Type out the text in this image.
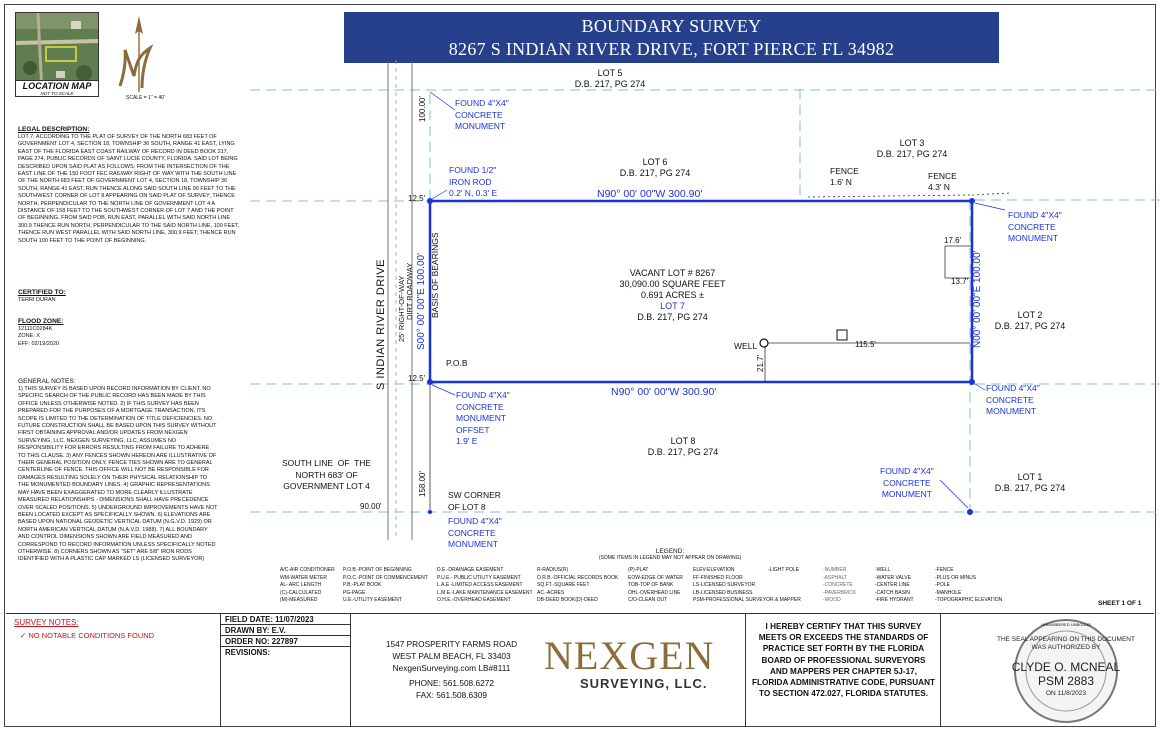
LOCATION MAP
NOT TO SCALE
SCALE = 1" = 40'
BOUNDARY SURVEY
8267 S INDIAN RIVER DRIVE, FORT PIERCE FL 34982
LEGAL DESCRIPTION:
LOT 7, ACCORDING TO THE PLAT OF SURVEY OF THE NORTH 683 FEET OF GOVERNMENT LOT 4, SECTION 18, TOWNSHIP 36 SOUTH, RANGE 41 EAST, LYING EAST OF THE FLORIDA EAST COAST RAILWAY OF RECORD IN DEED BOOK 217, PAGE 274, PUBLIC RECORDS OF SAINT LUCIE COUNTY, FLORIDA. SAID LOT BEING DESCRIBED UPON SAID PLAT AS FOLLOWS: FROM THE INTERSECTION OF THE EAST LINE OF THE 150 FOOT FEC RAILWAY RIGHT OF WAY WITH THE SOUTH LINE OF THE NORTH 683 FEET OF GOVERNMENT LOT 4, SECTION 18, TOWNSHIP 36 SOUTH, RANGE 41 EAST, RUN THENCE ALONG SAID SOUTH LINE 90 FEET TO THE SOUTHWEST CORNER OF LOT 8 APPEARING ON SAID PLAT OF SURVEY; THENCE NORTH, PERPENDICULAR TO THE NORTH LINE OF GOVERNMENT LOT 4 A DISTANCE OF 158 FEET TO THE SOUTHWEST CORNER OF LOT 7 AND THE POINT OF BEGINNING. FROM SAID POB, RUN EAST, PARALLEL WITH SAID NORTH LINE 300.9 THENCE RUN NORTH, PERPENDICULAR TO THE SAID NORTH LINE, 100 FEET, THENCE RUN WEST PARALLEL WITH SAID NORTH LINE, 300.9 FEET; THENCE RUN SOUTH 100 FEET TO THE POINT OF BEGINNING.
CERTIFIED TO:
TERRI DURAN
FLOOD ZONE:
12111C0284K
ZONE: X
EFF: 02/19/2020
GENERAL NOTES:
1) THIS SURVEY IS BASED UPON RECORD INFORMATION BY CLIENT. NO SPECIFIC SEARCH OF THE PUBLIC RECORD HAS BEEN MADE BY THIS OFFICE UNLESS OTHERWISE NOTED. 2) IF THIS SURVEY HAS BEEN PREPARED FOR THE PURPOSES OF A MORTGAGE TRANSACTION, ITS SCOPE IS LIMITED TO THE DETERMINATION OF TITLE DEFICIENCIES. NO FUTURE CONSTRUCTION SHALL BE BASED UPON THIS SURVEY WITHOUT FIRST OBTAINING APPROVAL AND/OR UPDATES FROM NEXGEN SURVEYING, LLC. NEXGEN SURVEYING, LLC, ASSUMES NO RESPONSIBILITY FOR ERRORS RESULTING FROM FAILURE TO ADHERE TO THIS CLAUSE. 3) ANY FENCES SHOWN HEREON ARE ILLUSTRATIVE OF THEIR GENERAL POSITION ONLY. FENCE TIES SHOWN ARE TO GENERAL CENTERLINE OF FENCE. THIS OFFICE WILL NOT BE RESPONSIBLE FOR DAMAGES RESULTING SOLELY ON THEIR PHYSICAL RELATIONSHIP TO THE MONUMENTED BOUNDARY LINES. 4) GRAPHIC REPRESENTATIONS MAY HAVE BEEN EXAGGERATED TO MORE CLEARLY ILLUSTRATE MEASURED RELATIONSHIPS - DIMENSIONS SHALL HAVE PRECEDENCE OVER SCALED POSITIONS. 5) UNDERGROUND IMPROVEMENTS HAVE NOT BEEN LOCATED EXCEPT AS SPECIFICALLY SHOWN. 6) ELEVATIONS ARE BASED UPON NATIONAL GEODETIC VERTICAL DATUM (N.G.V.D. 1929) OR NORTH AMERICAN VERTICAL DATUM (N.A.V.D. 1988). 7) ALL BOUNDARY AND CONTROL DIMENSIONS SHOWN ARE FIELD MEASURED AND CORRESPOND TO RECORD INFORMATION UNLESS SPECIFICALLY NOTED OTHERWISE. 8) CORNERS SHOWN AS "SET" ARE 5/8" IRON RODS IDENTIFIED WITH A PLASTIC CAP MARKED LS (LICENSED SURVEYOR)
S INDIAN RIVER DRIVE 25' RIGHT-OF-WAY DIRT ROADWAY BASIS OF BEARINGS
S00° 00' 00"E 100.00'	N00° 00' 00"E 100.00'
N90° 00' 00"W 300.90'
N90° 00' 00"W 300.90'
LOT 5
D.B. 217, PG 274
LOT 6
D.B. 217, PG 274
LOT 3
D.B. 217, PG 274
LOT 2
D.B. 217, PG 274
LOT 8
D.B. 217, PG 274
LOT 1
D.B. 217, PG 274
VACANT LOT # 8267
30,090.00 SQUARE FEET
0.691 ACRES ±
LOT 7
D.B. 217, PG 274
FOUND 4"X4"
CONCRETE
MONUMENT
FOUND 1/2"
IRON ROD
0.2' N, 0.3' E
FOUND 4"X4"
CONCRETE
MONUMENT
FOUND 4"X4"
CONCRETE
MONUMENT
FOUND 4"X4"
CONCRETE
MONUMENT
OFFSET
1.9' E
FOUND 4"X4"
CONCRETE
MONUMENT
FOUND 4"X4"
CONCRETE
MONUMENT
SW CORNER
OF LOT 8
SOUTH LINE  OF  THE
NORTH 683' OF
GOVERNMENT LOT 4
P.O.B
FENCE
1.6' N
FENCE
4.3' N
WELL
100.00'
158.00'
90.00'
12.5'
12.5'
115.5'
21.7'
17.6'
13.7'
LEGEND:
(SOME ITEMS IN LEGEND MAY NOT APPEAR ON DRAWING)
A/C-AIR CONDITIONER
WM-WATER METER
AL- ARC LENGTH
(C)-CALCULATED
(M)-MEASURED
P.O.B.-POINT OF BEGINNING
P.O.C.-POINT OF COMMENCEMENT
P.B.-PLAT BOOK
PG-PAGE
U.E.-UTILITY EASEMENT
D.E.-DRAINAGE EASEMENT
P.U.E.- PUBLIC UTILITY EASEMENT
L.A.E.-LIMITED ACCESS EASEMENT
L.M.E.-LAKE MAINTENANCE EASEMENT
O.H.E.-OVERHEAD EASEMENT
R-RADIUS(R)
O.R.B.-OFFICIAL RECORDS BOOK
SQ.FT.-SQUARE FEET
AC.-ACRES
DB-DEED BOOK(D)-DEED
(P)-PLAT
EOW-EDGE OF WATER
TOB-TOP OF BANK
OHL-OVERHEAD LINE
C/O-CLEAN OUT
ELEV-ELEVATION
FF-FINISHED FLOOR
LS-LICENSED SURVEYOR
LB-LICENSED BUSINESS
PSM-PROFESSIONAL SURVEYOR & MAPPER
-LIGHT POLE	-NUMBER
-ASPHALT
-CONCRETE
-PAVERBRICK
-WOOD
-WELL
-WATER VALVE
-CENTER LINE
-CATCH BASIN
-FIRE HYDRANT
-FENCE
-PLUS OR MINUS
-POLE
-MANHOLE
-TOPOGRAPHIC ELEVATION	SHEET 1 OF 1
SURVEY NOTES:
✓ NO NOTABLE CONDITIONS FOUND
FIELD DATE: 11/07/2023
DRAWN BY: E.V.
ORDER NO: 227897
REVISIONS:
1547 PROSPERITY FARMS ROAD
WEST PALM BEACH, FL 33403
NexgenSurveying.com LB#8111
PHONE: 561.508.6272
FAX: 561.508.6309
NEXGEN
SURVEYING, LLC.
I HEREBY CERTIFY THAT THIS SURVEY MEETS OR EXCEEDS THE STANDARDS OF PRACTICE SET FORTH BY THE FLORIDA BOARD OF PROFESSIONAL SURVEYORS AND MAPPERS PER CHAPTER 5J-17, FLORIDA ADMINISTRATIVE CODE, PURSUANT TO SECTION 472.027, FLORIDA STATUTES.
UNNUMBERED UNBOUND
THE SEAL APPEARING ON THIS DOCUMENT WAS AUTHORIZED BY
CLYDE O. MCNEAL
PSM 2883
ON 11/8/2023
